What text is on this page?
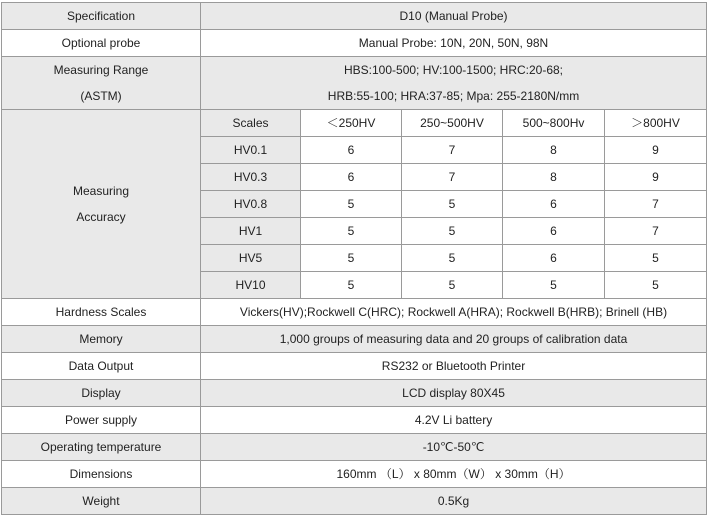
Specification	D10 (Manual Probe)				
Optional probe	Manual Probe: 10N, 20N, 50N, 98N				

Measuring Range
(ASTM)	HBS:100-500; HV:100-1500; HRC:20-68;
HRB:55-100; HRA:37-85; Mpa: 255-2180N/mm				

Measuring
Accuracy	Scales	＜250HV	250~500HV	500~800Hv	＞800HV
	HV0.1	6	7	8	9
	HV0.3	6	7	8	9
	HV0.8	5	5	6	7
	HV1	5	5	6	7
	HV5	5	5	6	5
	HV10	5	5	5	5
Hardness Scales	Vickers(HV);Rockwell C(HRC); Rockwell A(HRA); Rockwell B(HRB); Brinell (HB)				
Memory	1,000 groups of measuring data and 20 groups of calibration data				
Data Output	RS232 or Bluetooth Printer				
Display	LCD display 80X45				
Power supply	4.2V Li battery				
Operating temperature	-10℃-50℃				
Dimensions	160mm （L） x 80mm（W） x 30mm（H）				
Weight	0.5Kg				
